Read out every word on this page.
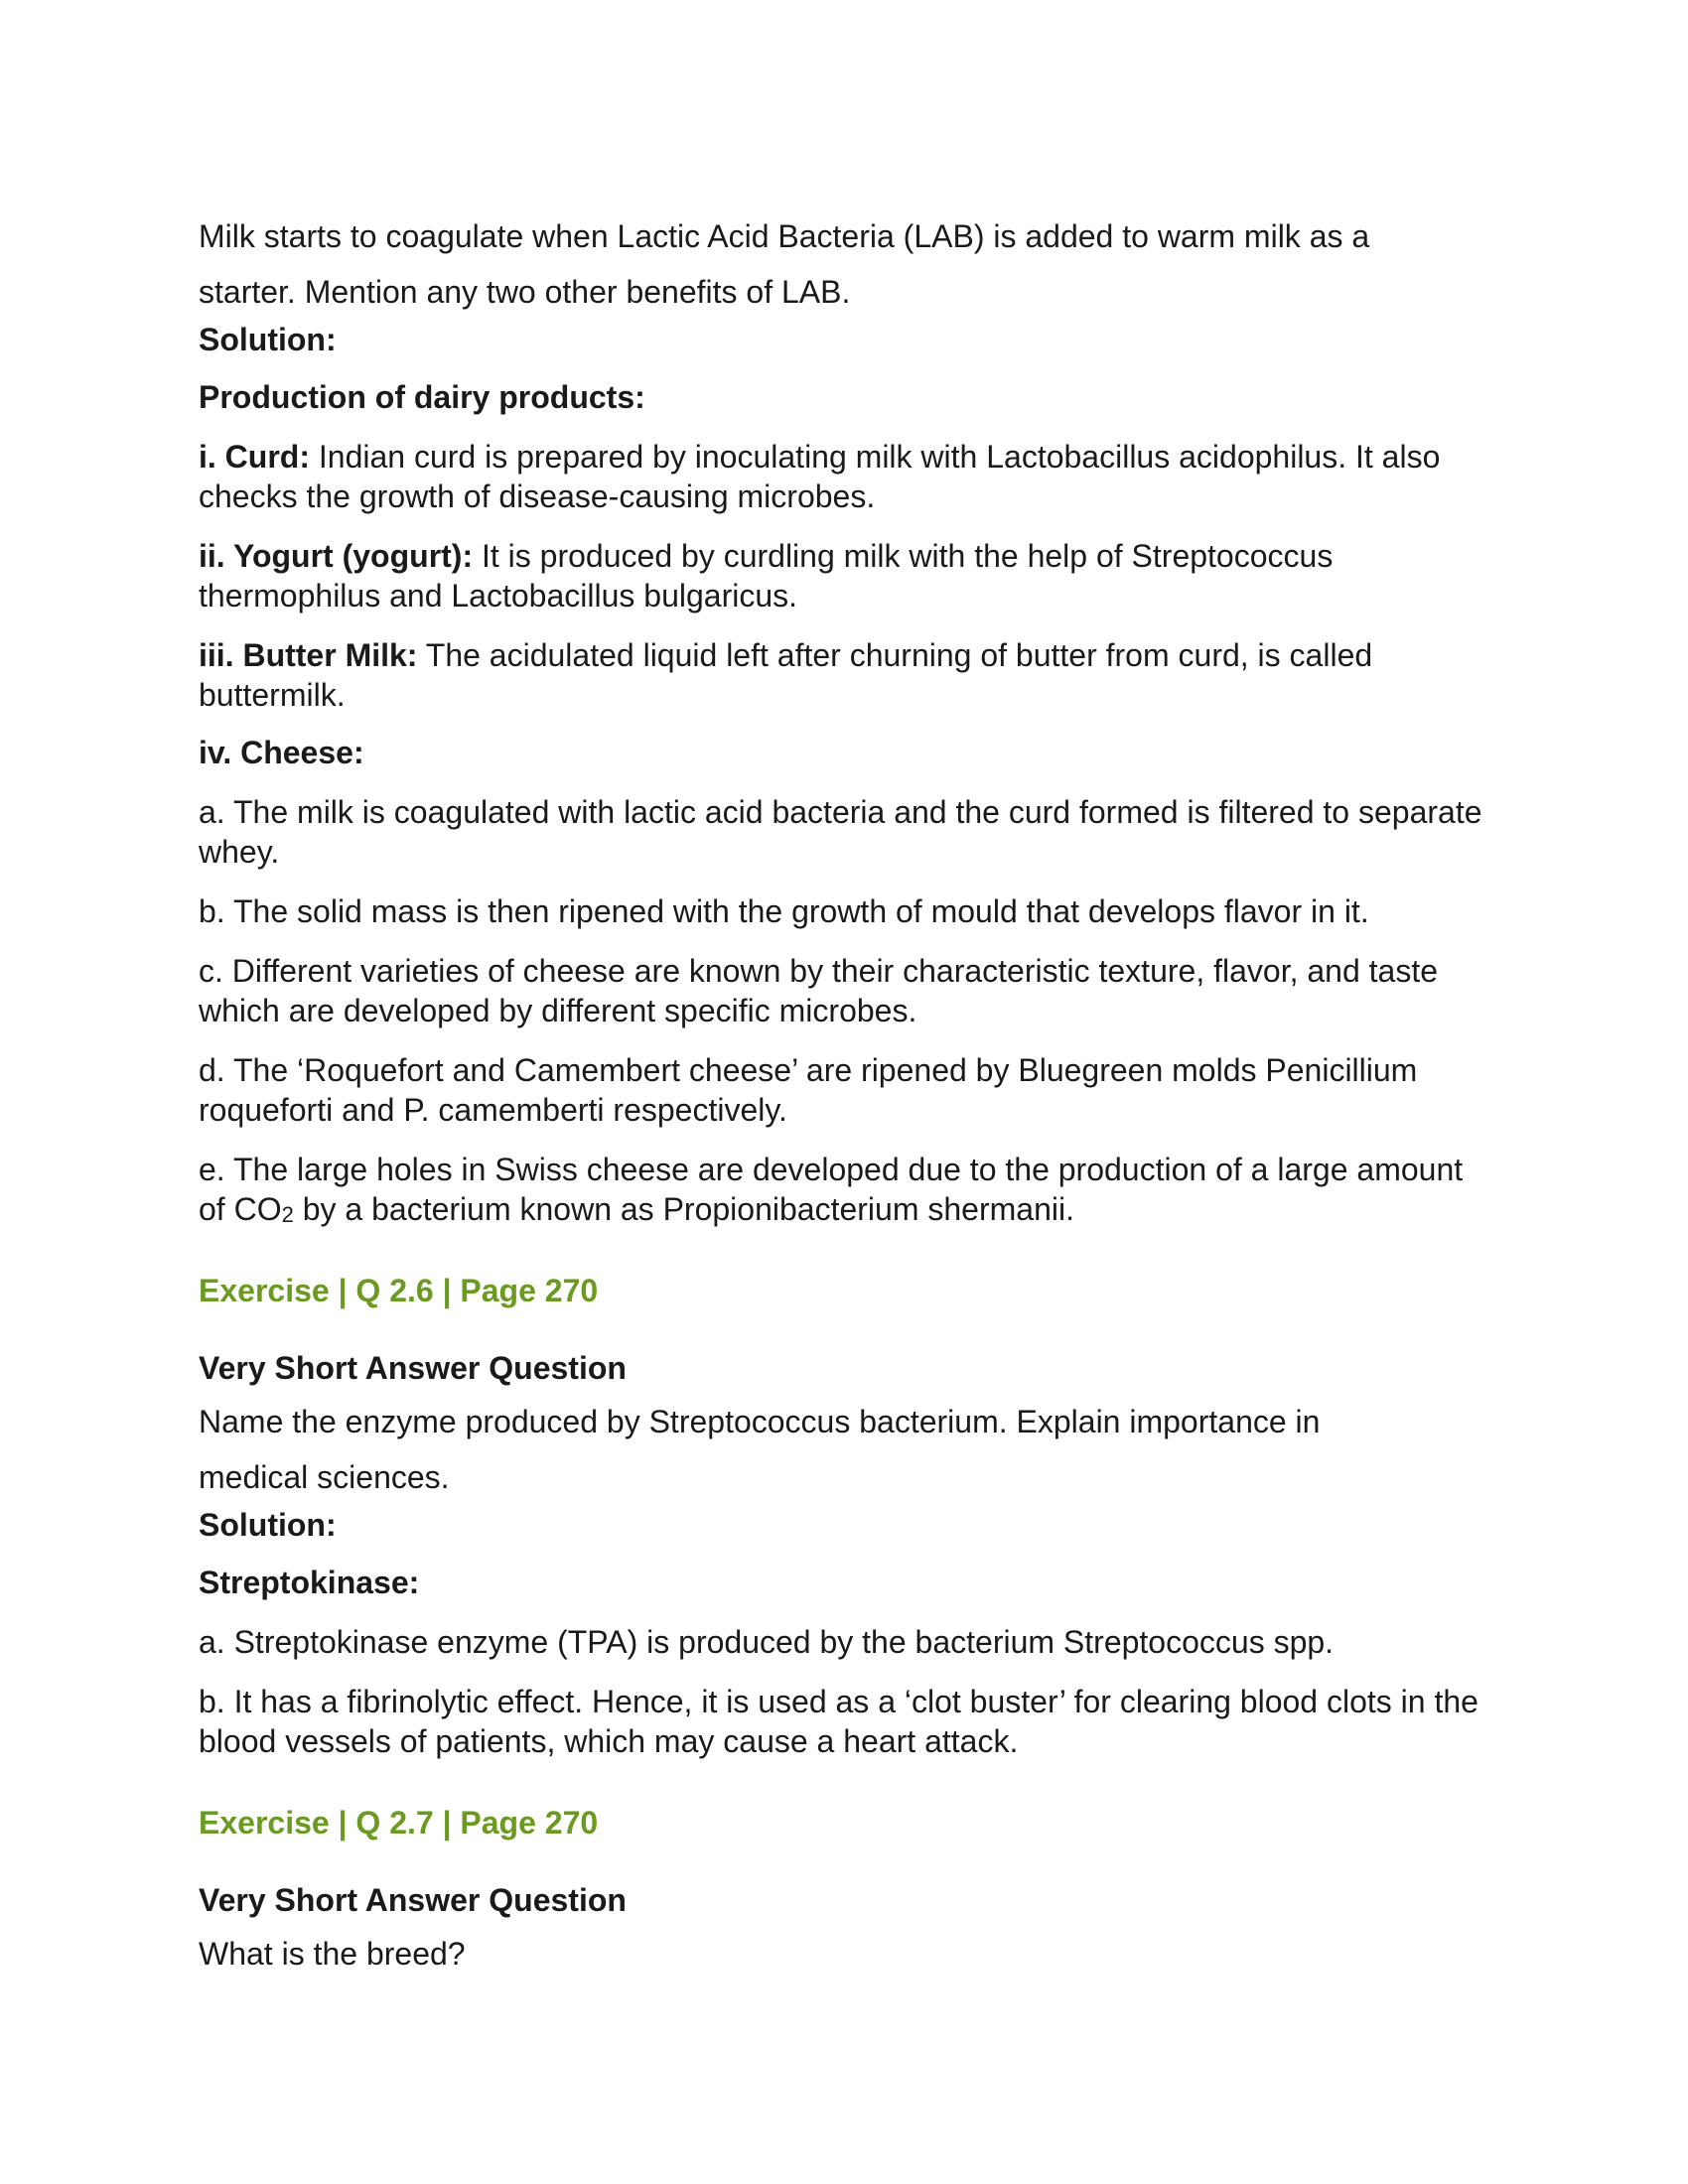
Milk starts to coagulate when Lactic Acid Bacteria (LAB) is added to warm milk as a

starter. Mention any two other benefits of LAB.

Solution:

Production of dairy products:

i. Curd: Indian curd is prepared by inoculating milk with Lactobacillus acidophilus. It also checks the growth of disease-causing microbes.

ii. Yogurt (yogurt): It is produced by curdling milk with the help of Streptococcus thermophilus and Lactobacillus bulgaricus.

iii. Butter Milk: The acidulated liquid left after churning of butter from curd, is called buttermilk.

iv. Cheese:

a. The milk is coagulated with lactic acid bacteria and the curd formed is filtered to separate whey.

b. The solid mass is then ripened with the growth of mould that develops flavor in it.

c. Different varieties of cheese are known by their characteristic texture, flavor, and taste which are developed by different specific microbes.

d. The ‘Roquefort and Camembert cheese’ are ripened by Bluegreen molds Penicillium roqueforti and P. camemberti respectively.

e. The large holes in Swiss cheese are developed due to the production of a large amount of $CO_2$ by a bacterium known as Propionibacterium shermanii.

Exercise | Q 2.6 | Page 270

Very Short Answer Question

Name the enzyme produced by Streptococcus bacterium. Explain importance in

medical sciences.

Solution:

Streptokinase:

a. Streptokinase enzyme (TPA) is produced by the bacterium Streptococcus spp.

b. It has a fibrinolytic effect. Hence, it is used as a ‘clot buster’ for clearing blood clots in the blood vessels of patients, which may cause a heart attack.

Exercise | Q 2.7 | Page 270

Very Short Answer Question

What is the breed?
